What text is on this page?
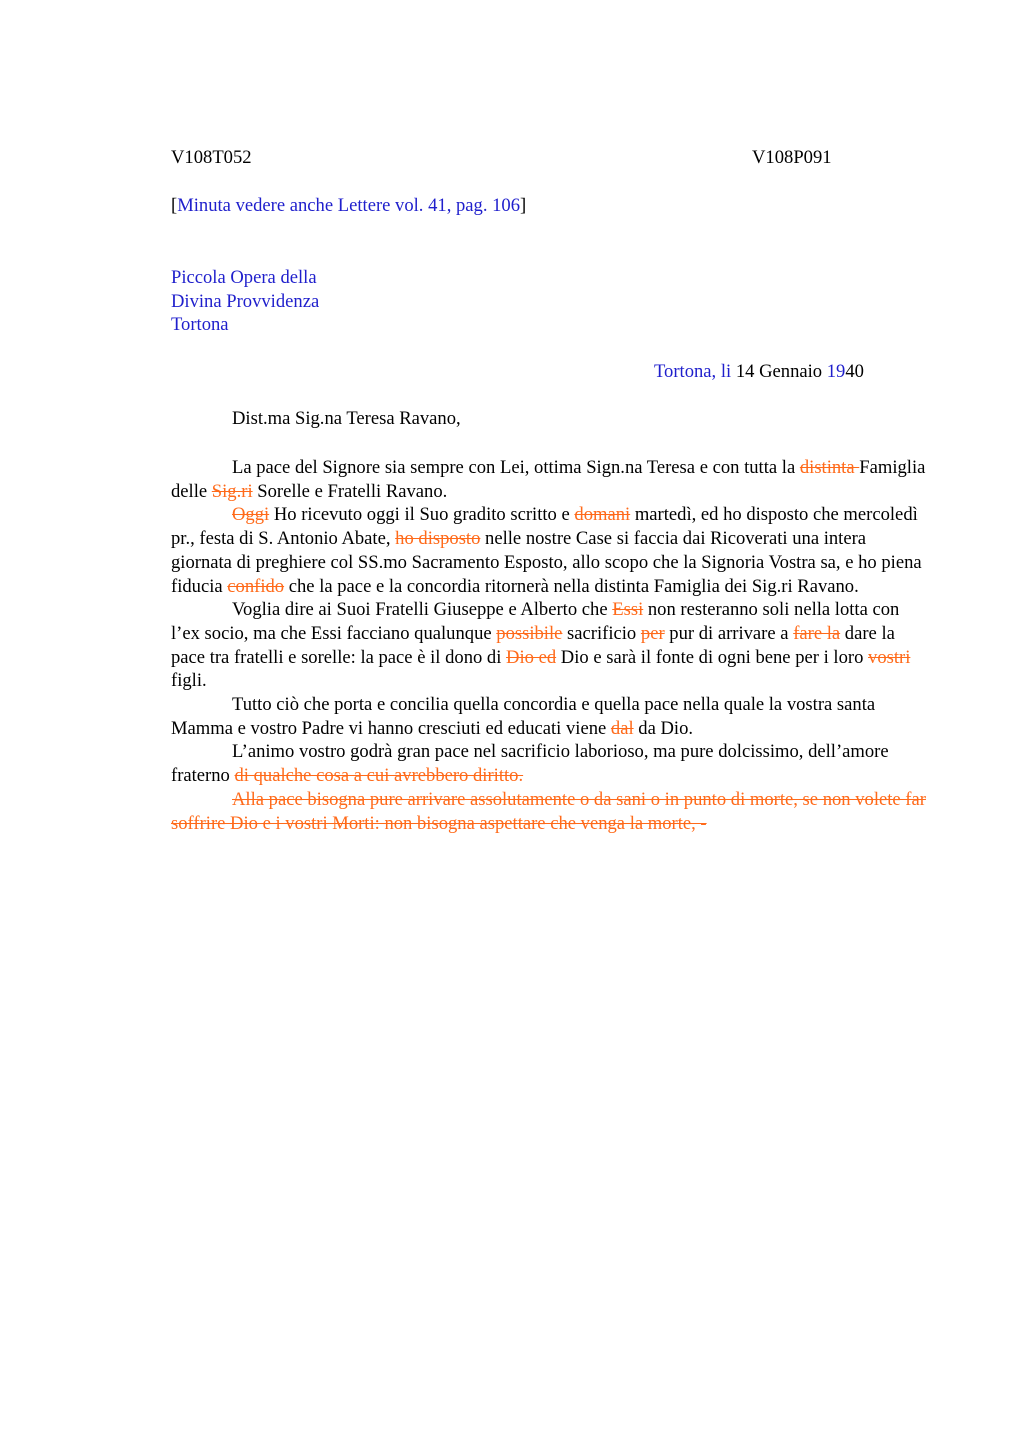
V108T052	V108P091
[Minuta vedere anche Lettere vol. 41, pag. 106]
Piccola Opera della
Divina Provvidenza
Tortona
Tortona, li 14 Gennaio 1940
Dist.ma Sig.na Teresa Ravano,

La pace del Signore sia sempre con Lei, ottima Sign.na Teresa e con tutta la distinta Famiglia delle Sig.ri Sorelle e Fratelli Ravano.

Oggi Ho ricevuto oggi il Suo gradito scritto e domani martedì, ed ho disposto che mercoledì pr., festa di S. Antonio Abate, ho disposto nelle nostre Case si faccia dai Ricoverati una intera giornata di preghiere col SS.mo Sacramento Esposto, allo scopo che la Signoria Vostra sa, e ho piena fiducia confido che la pace e la concordia ritornerà nella distinta Famiglia dei Sig.ri Ravano.

Voglia dire ai Suoi Fratelli Giuseppe e Alberto che Essi non resteranno soli nella lotta con l’ex socio, ma che Essi facciano qualunque possibile sacrificio per pur di arrivare a fare la dare la pace tra fratelli e sorelle: la pace è il dono di Dio ed Dio e sarà il fonte di ogni bene per i loro vostri figli.

Tutto ciò che porta e concilia quella concordia e quella pace nella quale la vostra santa Mamma e vostro Padre vi hanno cresciuti ed educati viene dal da Dio.

L’animo vostro godrà gran pace nel sacrificio laborioso, ma pure dolcissimo, dell’amore fraterno di qualche cosa a cui avrebbero diritto.

Alla pace bisogna pure arrivare assolutamente o da sani o in punto di morte, se non volete far soffrire Dio e i vostri Morti: non bisogna aspettare che venga la morte, -
